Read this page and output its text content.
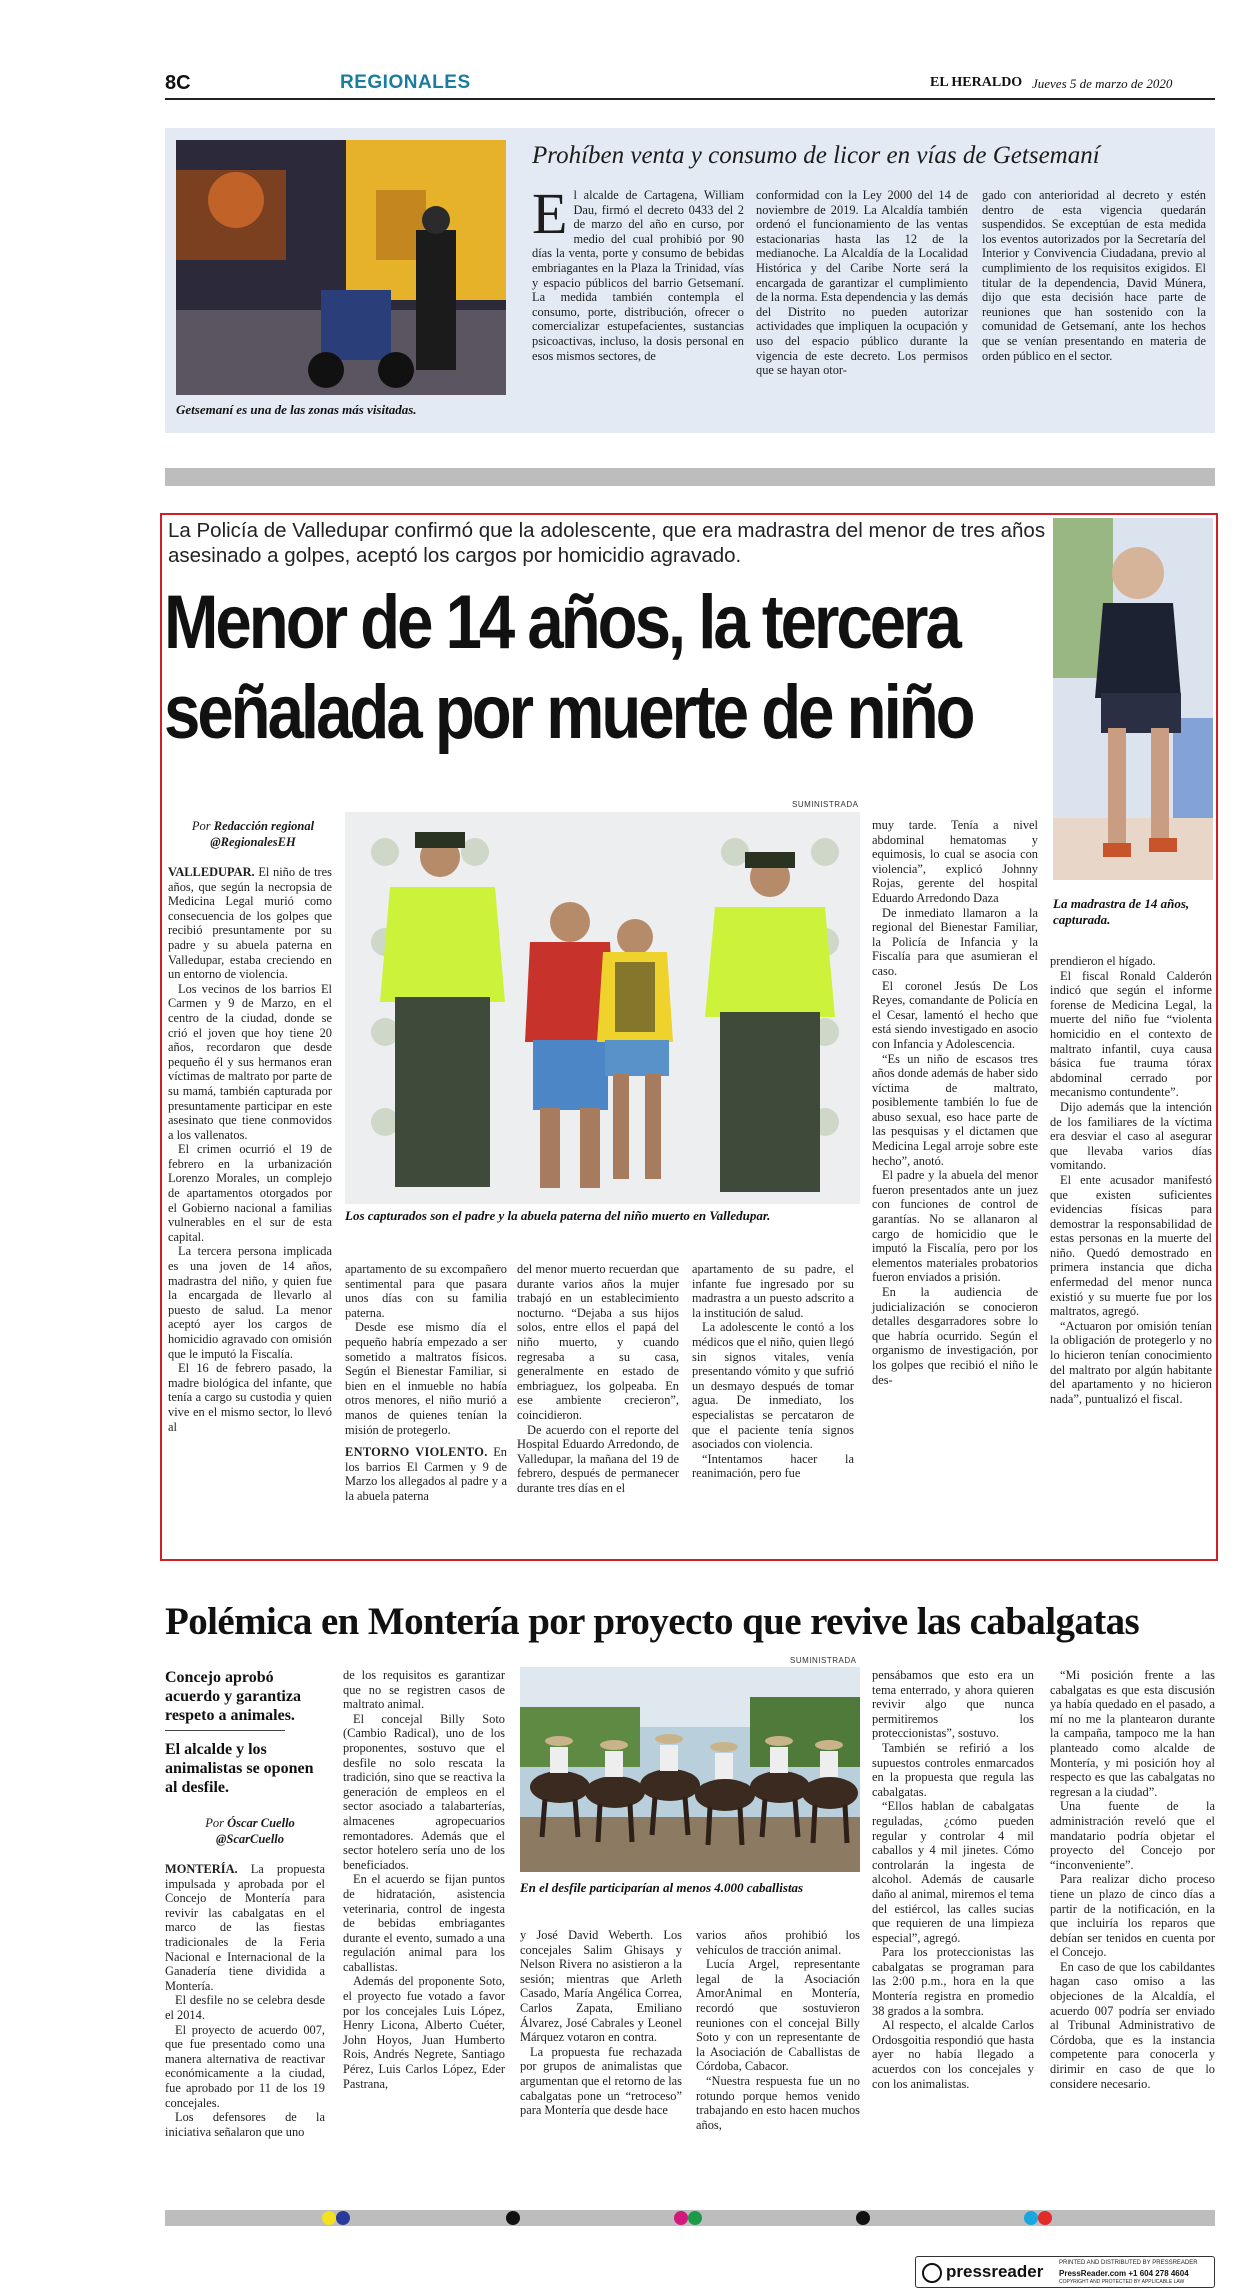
8C	REGIONALES	EL HERALDO Jueves 5 de marzo de 2020
Getsemaní es una de las zonas más visitadas.
Prohíben venta y consumo de licor en vías de Getsemaní
E l alcalde de Cartagena, William Dau, firmó el decreto 0433 del 2 de marzo del año en curso, por medio del cual prohibió por 90 días la venta, porte y consumo de bebidas embriagantes en la Plaza la Trinidad, vías y espacio públicos del barrio Getsemaní. La medida también contempla el consumo, porte, distribución, ofrecer o comercializar estupefacientes, sustancias psicoactivas, incluso, la dosis personal en esos mismos sectores, de
conformidad con la Ley 2000 del 14 de noviembre de 2019. La Alcaldía también ordenó el funcionamiento de las ventas estacionarias hasta las 12 de la medianoche. La Alcaldía de la Localidad Histórica y del Caribe Norte será la encargada de garantizar el cumplimiento de la norma. Esta dependencia y las demás del Distrito no pueden autorizar actividades que impliquen la ocupación y uso del espacio público durante la vigencia de este decreto. Los permisos que se hayan otor-
gado con anterioridad al decreto y estén dentro de esta vigencia quedarán suspendidos. Se exceptúan de esta medida los eventos autorizados por la Secretaría del Interior y Convivencia Ciudadana, previo al cumplimiento de los requisitos exigidos. El titular de la dependencia, David Múnera, dijo que esta decisión hace parte de reuniones que han sostenido con la comunidad de Getsemaní, ante los hechos que se venían presentando en materia de orden público en el sector.
La Policía de Valledupar confirmó que la adolescente, que era madrastra del menor de tres años asesinado a golpes, aceptó los cargos por homicidio agravado.
Menor de 14 años, la tercera
señalada por muerte de niño
La madrastra de 14 años, capturada.
Por Redacción regional
@RegionalesEH
SUMINISTRADA
Los capturados son el padre y la abuela paterna del niño muerto en Valledupar.

VALLEDUPAR. El niño de tres años, que según la necropsia de Medicina Legal murió como consecuencia de los golpes que recibió presuntamente por su padre y su abuela paterna en Valledupar, estaba creciendo en un entorno de violencia.

Los vecinos de los barrios El Carmen y 9 de Marzo, en el centro de la ciudad, donde se crió el joven que hoy tiene 20 años, recordaron que desde pequeño él y sus hermanos eran víctimas de maltrato por parte de su mamá, también capturada por presuntamente participar en este asesinato que tiene conmovidos a los vallenatos.

El crimen ocurrió el 19 de febrero en la urbanización Lorenzo Morales, un complejo de apartamentos otorgados por el Gobierno nacional a familias vulnerables en el sur de esta capital.

La tercera persona implicada es una joven de 14 años, madrastra del niño, y quien fue la encargada de llevarlo al puesto de salud. La menor aceptó ayer los cargos de homicidio agravado con omisión que le imputó la Fiscalía.

El 16 de febrero pasado, la madre biológica del infante, que tenía a cargo su custodia y quien vive en el mismo sector, lo llevó al

apartamento de su excompañero sentimental para que pasara unos días con su familia paterna.

Desde ese mismo día el pequeño habría empezado a ser sometido a maltratos físicos. Según el Bienestar Familiar, si bien en el inmueble no había otros menores, el niño murió a manos de quienes tenían la misión de protegerlo.

ENTORNO VIOLENTO. En los barrios El Carmen y 9 de Marzo los allegados al padre y a la abuela paterna

del menor muerto recuerdan que durante varios años la mujer trabajó en un establecimiento nocturno. “Dejaba a sus hijos solos, entre ellos el papá del niño muerto, y cuando regresaba a su casa, generalmente en estado de embriaguez, los golpeaba. En ese ambiente crecieron”, coincidieron.

De acuerdo con el reporte del Hospital Eduardo Arredondo, de Valledupar, la mañana del 19 de febrero, después de permanecer durante tres días en el

apartamento de su padre, el infante fue ingresado por su madrastra a un puesto adscrito a la institución de salud.

La adolescente le contó a los médicos que el niño, quien llegó sin signos vitales, venía presentando vómito y que sufrió un desmayo después de tomar agua. De inmediato, los especialistas se percataron de que el paciente tenía signos asociados con violencia.

“Intentamos hacer la reanimación, pero fue

muy tarde. Tenía a nivel abdominal hematomas y equimosis, lo cual se asocia con violencia”, explicó Johnny Rojas, gerente del hospital Eduardo Arredondo Daza

De inmediato llamaron a la regional del Bienestar Familiar, la Policía de Infancia y la Fiscalía para que asumieran el caso.

El coronel Jesús De Los Reyes, comandante de Policía en el Cesar, lamentó el hecho que está siendo investigado en asocio con Infancia y Adolescencia.

“Es un niño de escasos tres años donde además de haber sido víctima de maltrato, posiblemente también lo fue de abuso sexual, eso hace parte de las pesquisas y el dictamen que Medicina Legal arroje sobre este hecho”, anotó.

El padre y la abuela del menor fueron presentados ante un juez con funciones de control de garantías. No se allanaron al cargo de homicidio que le imputó la Fiscalía, pero por los elementos materiales probatorios fueron enviados a prisión.

En la audiencia de judicialización se conocieron detalles desgarradores sobre lo que habría ocurrido. Según el organismo de investigación, por los golpes que recibió el niño le des-

prendieron el hígado.

El fiscal Ronald Calderón indicó que según el informe forense de Medicina Legal, la muerte del niño fue “violenta homicidio en el contexto de maltrato infantil, cuya causa básica fue trauma tórax abdominal cerrado por mecanismo contundente”.

Dijo además que la intención de los familiares de la víctima era desviar el caso al asegurar que llevaba varios días vomitando.

El ente acusador manifestó que existen suficientes evidencias físicas para demostrar la responsabilidad de estas personas en la muerte del niño. Quedó demostrado en primera instancia que dicha enfermedad del menor nunca existió y su muerte fue por los maltratos, agregó.

“Actuaron por omisión tenían la obligación de protegerlo y no lo hicieron tenían conocimiento del maltrato por algún habitante del apartamento y no hicieron nada”, puntualizó el fiscal.

Polémica en Montería por proyecto que revive las cabalgatas
Concejo aprobó acuerdo y garantiza respeto a animales.
El alcalde y los animalistas se oponen al desfile.
Por Óscar Cuello
@ScarCuello

MONTERÍA. La propuesta impulsada y aprobada por el Concejo de Montería para revivir las cabalgatas en el marco de las fiestas tradicionales de la Feria Nacional e Internacional de la Ganadería tiene dividida a Montería.

El desfile no se celebra desde el 2014.

El proyecto de acuerdo 007, que fue presentado como una manera alternativa de reactivar económicamente a la ciudad, fue aprobado por 11 de los 19 concejales.

Los defensores de la iniciativa señalaron que uno

de los requisitos es garantizar que no se registren casos de maltrato animal.

El concejal Billy Soto (Cambio Radical), uno de los proponentes, sostuvo que el desfile no solo rescata la tradición, sino que se reactiva la generación de empleos en el sector asociado a talabarterías, almacenes agropecuarios remontadores. Además que el sector hotelero sería uno de los beneficiados.

En el acuerdo se fijan puntos de hidratación, asistencia veterinaria, control de ingesta de bebidas embriagantes durante el evento, sumado a una regulación animal para los caballistas.

Además del proponente Soto, el proyecto fue votado a favor por los concejales Luis López, Henry Licona, Alberto Cuéter, John Hoyos, Juan Humberto Rois, Andrés Negrete, Santiago Pérez, Luis Carlos López, Eder Pastrana,

SUMINISTRADA
En el desfile participarían al menos 4.000 caballistas

y José David Weberth. Los concejales Salim Ghisays y Nelson Rivera no asistieron a la sesión; mientras que Arleth Casado, María Angélica Correa, Carlos Zapata, Emiliano Álvarez, José Cabrales y Leonel Márquez votaron en contra.

La propuesta fue rechazada por grupos de animalistas que argumentan que el retorno de las cabalgatas pone un “retroceso” para Montería que desde hace

varios años prohibió los vehículos de tracción animal.

Lucía Argel, representante legal de la Asociación AmorAnimal en Montería, recordó que sostuvieron reuniones con el concejal Billy Soto y con un representante de la Asociación de Caballistas de Córdoba, Cabacor.

“Nuestra respuesta fue un no rotundo porque hemos venido trabajando en esto hacen muchos años,

pensábamos que esto era un tema enterrado, y ahora quieren revivir algo que nunca permitiremos los proteccionistas”, sostuvo.

También se refirió a los supuestos controles enmarcados en la propuesta que regula las cabalgatas.

“Ellos hablan de cabalgatas reguladas, ¿cómo pueden regular y controlar 4 mil caballos y 4 mil jinetes. Cómo controlarán la ingesta de alcohol. Además de causarle daño al animal, miremos el tema del estiércol, las calles sucias que requieren de una limpieza especial”, agregó.

Para los proteccionistas las cabalgatas se programan para las 2:00 p.m., hora en la que Montería registra en promedio 38 grados a la sombra.

Al respecto, el alcalde Carlos Ordosgoitia respondió que hasta ayer no había llegado a acuerdos con los concejales y con los animalistas.

“Mi posición frente a las cabalgatas es que esta discusión ya había quedado en el pasado, a mí no me la plantearon durante la campaña, tampoco me la han planteado como alcalde de Montería, y mi posición hoy al respecto es que las cabalgatas no regresan a la ciudad”.

Una fuente de la administración reveló que el mandatario podría objetar el proyecto del Concejo por “inconveniente”.

Para realizar dicho proceso tiene un plazo de cinco días a partir de la notificación, en la que incluiría los reparos que debían ser tenidos en cuenta por el Concejo.

En caso de que los cabildantes hagan caso omiso a las objeciones de la Alcaldía, el acuerdo 007 podría ser enviado al Tribunal Administrativo de Córdoba, que es la instancia competente para conocerla y dirimir en caso de que lo considere necesario.

pressreader	PRINTED AND DISTRIBUTED BY PRESSREADER
PressReader.com +1 604 278 4604
COPYRIGHT AND PROTECTED BY APPLICABLE LAW
